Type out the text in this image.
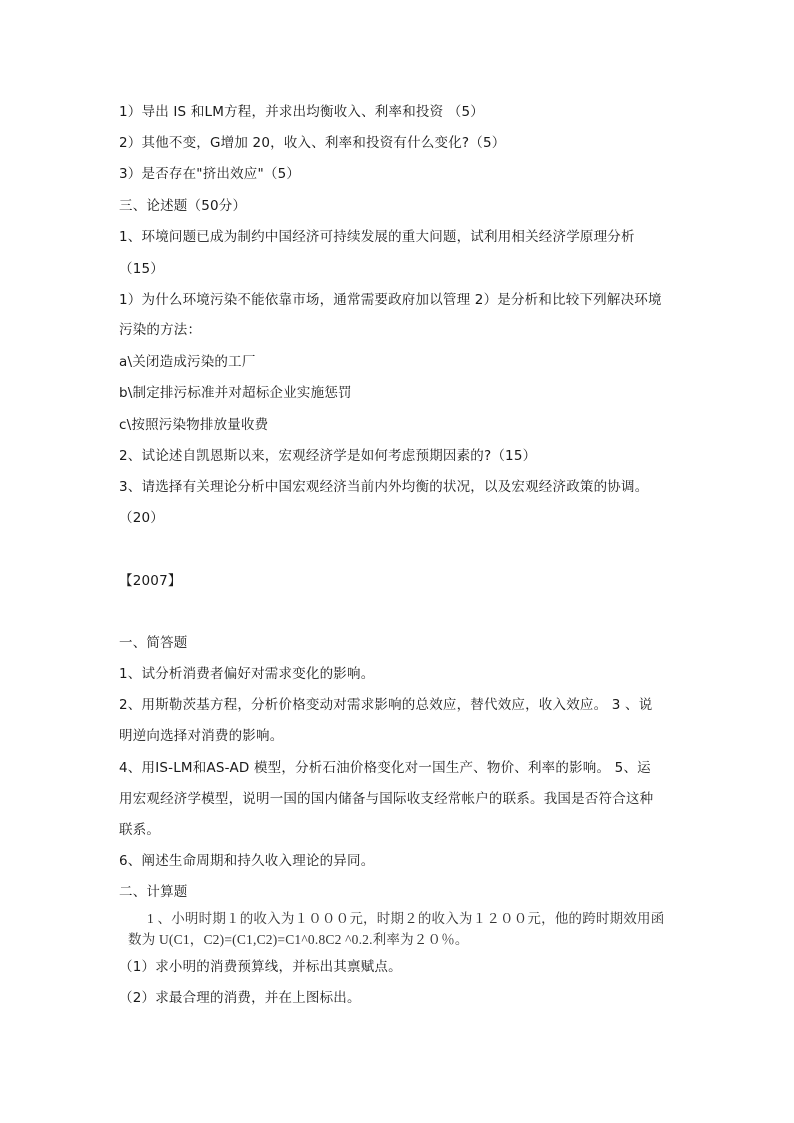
1）导出 IS 和LM方程，并求出均衡收入、利率和投资 （5）
2）其他不变，G增加 20，收入、利率和投资有什么变化?（5）
3）是否存在"挤出效应"（5）
三、论述题（50分）
1、环境问题已成为制约中国经济可持续发展的重大问题，试利用相关经济学原理分析
（15）
1）为什么环境污染不能依靠市场，通常需要政府加以管理 2）是分析和比较下列解决环境
污染的方法：
a\关闭造成污染的工厂
b\制定排污标准并对超标企业实施惩罚
c\按照污染物排放量收费
2、试论述自凯恩斯以来，宏观经济学是如何考虑预期因素的?（15）
3、请选择有关理论分析中国宏观经济当前内外均衡的状况，以及宏观经济政策的协调。
（20）
【2007】
一、简答题
1、试分析消费者偏好对需求变化的影响。
2、用斯勒茨基方程，分析价格变动对需求影响的总效应，替代效应，收入效应。 3 、说
明逆向选择对消费的影响。
4、用IS-LM和AS-AD 模型，分析石油价格变化对一国生产、物价、利率的影响。 5、运
用宏观经济学模型，说明一国的国内储备与国际收支经常帐户的联系。我国是否符合这种
联系。
6、阐述生命周期和持久收入理论的异同。
二、计算题
1 、小明时期１的收入为１０００元，时期２的收入为１２００元，他的跨时期效用函
数为 U(C1，C2)=(C1,C2)=C1^0.8C2 ^0.2.利率为２０％。
（1）求小明的消费预算线，并标出其禀赋点。
（2）求最合理的消费，并在上图标出。
